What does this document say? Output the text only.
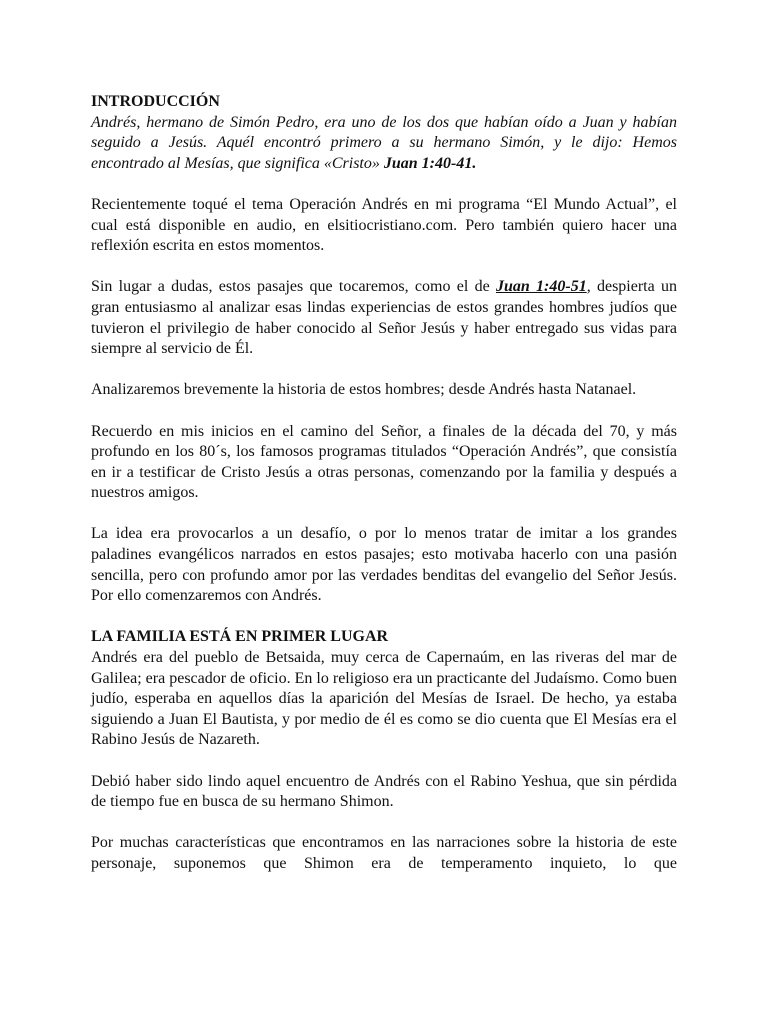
INTRODUCCIÓN

Andrés, hermano de Simón Pedro, era uno de los dos que habían oído a Juan y habían seguido a Jesús. Aquél encontró primero a su hermano Simón, y le dijo: Hemos encontrado al Mesías, que significa «Cristo» Juan 1:40-41.

Recientemente toqué el tema Operación Andrés en mi programa “El Mundo Actual”, el cual está disponible en audio, en elsitiocristiano.com. Pero también quiero hacer una reflexión escrita en estos momentos.

Sin lugar a dudas, estos pasajes que tocaremos, como el de Juan 1:40-51, despierta un gran entusiasmo al analizar esas lindas experiencias de estos grandes hombres judíos que tuvieron el privilegio de haber conocido al Señor Jesús y haber entregado sus vidas para siempre al servicio de Él.

Analizaremos brevemente la historia de estos hombres; desde Andrés hasta Natanael.

Recuerdo en mis inicios en el camino del Señor, a finales de la década del 70, y más profundo en los 80´s, los famosos programas titulados “Operación Andrés”, que consistía en ir a testificar de Cristo Jesús a otras personas, comenzando por la familia y después a nuestros amigos.

La idea era provocarlos a un desafío, o por lo menos tratar de imitar a los grandes paladines evangélicos narrados en estos pasajes; esto motivaba hacerlo con una pasión sencilla, pero con profundo amor por las verdades benditas del evangelio del Señor Jesús. Por ello comenzaremos con Andrés.

LA FAMILIA ESTÁ EN PRIMER LUGAR

Andrés era del pueblo de Betsaida, muy cerca de Capernaúm, en las riveras del mar de Galilea; era pescador de oficio. En lo religioso era un practicante del Judaísmo. Como buen judío, esperaba en aquellos días la aparición del Mesías de Israel. De hecho, ya estaba siguiendo a Juan El Bautista, y por medio de él es como se dio cuenta que El Mesías era el Rabino Jesús de Nazareth.

Debió haber sido lindo aquel encuentro de Andrés con el Rabino Yeshua, que sin pérdida de tiempo fue en busca de su hermano Shimon.

Por muchas características que encontramos en las narraciones sobre la historia de este personaje, suponemos que Shimon era de temperamento inquieto, lo que
